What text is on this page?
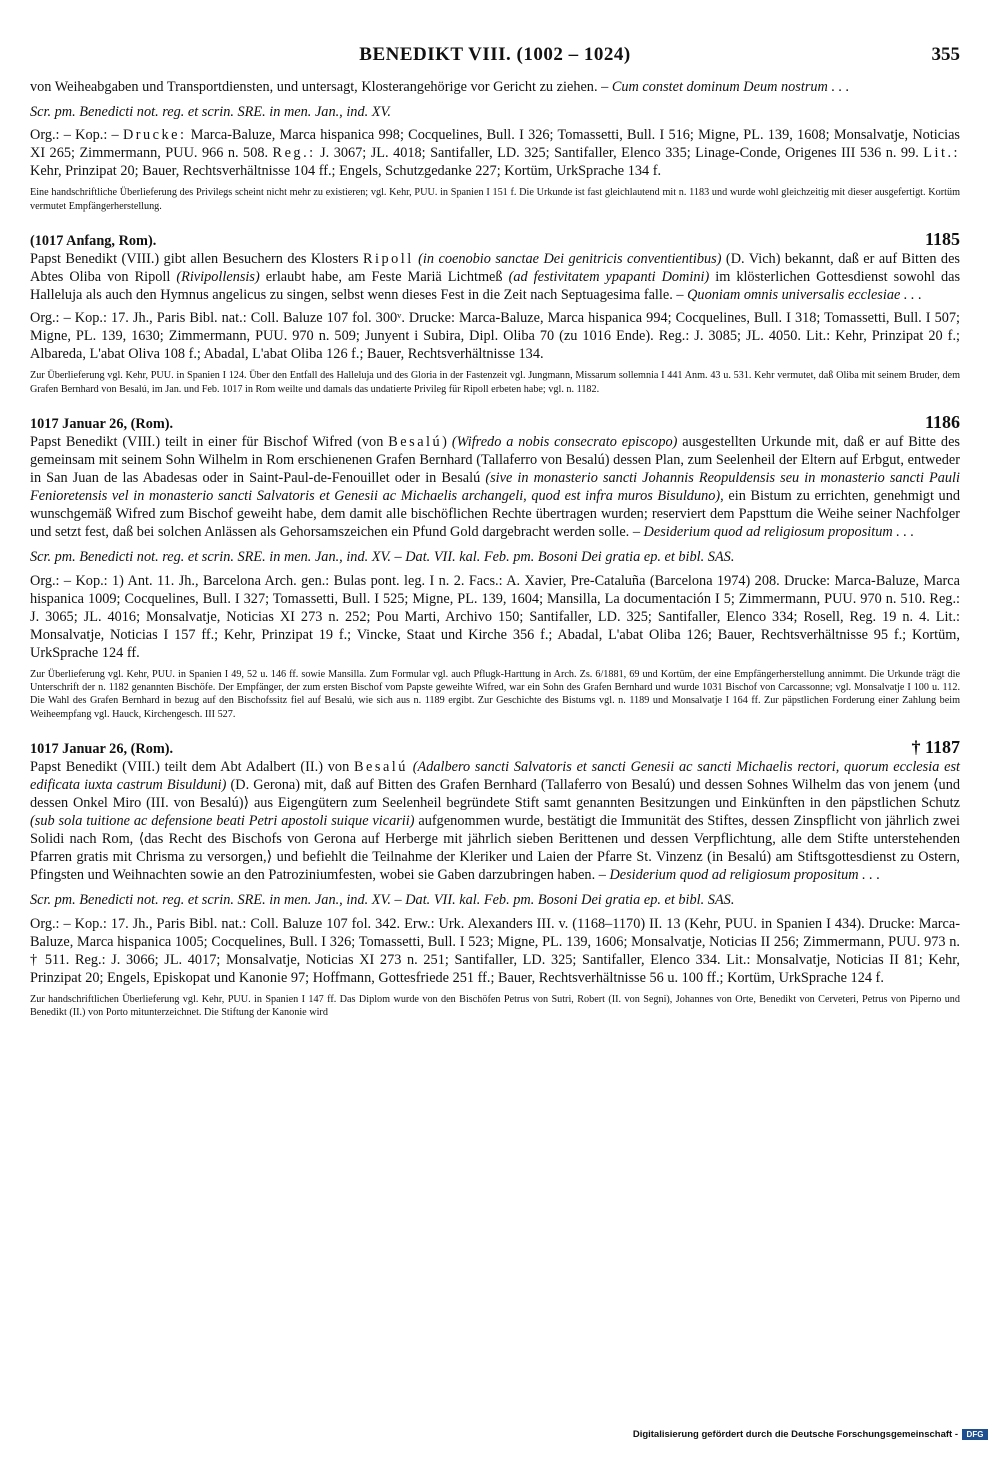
BENEDIKT VIII. (1002 – 1024)	355

von Weiheabgaben und Transportdiensten, und untersagt, Klosterangehörige vor Gericht zu ziehen. – Cum constet dominum Deum nostrum . . .

Scr. pm. Benedicti not. reg. et scrin. SRE. in men. Jan., ind. XV.

Org.: – Kop.: – Drucke: Marca-Baluze, Marca hispanica 998; Cocquelines, Bull. I 326; Tomassetti, Bull. I 516; Migne, PL. 139, 1608; Monsalvatje, Noticias XI 265; Zimmermann, PUU. 966 n. 508. Reg.: J. 3067; JL. 4018; Santifaller, LD. 325; Santifaller, Elenco 335; Linage-Conde, Origenes III 536 n. 99. Lit.: Kehr, Prinzipat 20; Bauer, Rechtsverhältnisse 104 ff.; Engels, Schutzgedanke 227; Kortüm, UrkSprache 134 f.

Eine handschriftliche Überlieferung des Privilegs scheint nicht mehr zu existieren; vgl. Kehr, PUU. in Spanien I 151 f. Die Urkunde ist fast gleichlautend mit n. 1183 und wurde wohl gleichzeitig mit dieser ausgefertigt. Kortüm vermutet Empfängerherstellung.

(1017 Anfang, Rom).	1185

Papst Benedikt (VIII.) gibt allen Besuchern des Klosters Ripoll (in coenobio sanctae Dei genitricis conventientibus) (D. Vich) bekannt, daß er auf Bitten des Abtes Oliba von Ripoll (Rivipollensis) erlaubt habe, am Feste Mariä Lichtmeß (ad festivitatem ypapanti Domini) im klösterlichen Gottesdienst sowohl das Halleluja als auch den Hymnus angelicus zu singen, selbst wenn dieses Fest in die Zeit nach Septuagesima falle. – Quoniam omnis universalis ecclesiae . . .

Org.: – Kop.: 17. Jh., Paris Bibl. nat.: Coll. Baluze 107 fol. 300ᵛ. Drucke: Marca-Baluze, Marca hispanica 994; Cocquelines, Bull. I 318; Tomassetti, Bull. I 507; Migne, PL. 139, 1630; Zimmermann, PUU. 970 n. 509; Junyent i Subira, Dipl. Oliba 70 (zu 1016 Ende). Reg.: J. 3085; JL. 4050. Lit.: Kehr, Prinzipat 20 f.; Albareda, L'abat Oliva 108 f.; Abadal, L'abat Oliba 126 f.; Bauer, Rechtsverhältnisse 134.

Zur Überlieferung vgl. Kehr, PUU. in Spanien I 124. Über den Entfall des Halleluja und des Gloria in der Fastenzeit vgl. Jungmann, Missarum sollemnia I 441 Anm. 43 u. 531. Kehr vermutet, daß Oliba mit seinem Bruder, dem Grafen Bernhard von Besalú, im Jan. und Feb. 1017 in Rom weilte und damals das undatierte Privileg für Ripoll erbeten habe; vgl. n. 1182.

1017 Januar 26, (Rom).	1186

Papst Benedikt (VIII.) teilt in einer für Bischof Wifred (von Besalú) (Wifredo a nobis consecrato episcopo) ausgestellten Urkunde mit, daß er auf Bitte des gemeinsam mit seinem Sohn Wilhelm in Rom erschienenen Grafen Bernhard (Tallaferro von Besalú) dessen Plan, zum Seelenheil der Eltern auf Erbgut, entweder in San Juan de las Abadesas oder in Saint-Paul-de-Fenouillet oder in Besalú (sive in monasterio sancti Johannis Reopuldensis seu in monasterio sancti Pauli Fenioretensis vel in monasterio sancti Salvatoris et Genesii ac Michaelis archangeli, quod est infra muros Bisulduno), ein Bistum zu errichten, genehmigt und wunschgemäß Wifred zum Bischof geweiht habe, dem damit alle bischöflichen Rechte übertragen wurden; reserviert dem Papsttum die Weihe seiner Nachfolger und setzt fest, daß bei solchen Anlässen als Gehorsamszeichen ein Pfund Gold dargebracht werden solle. – Desiderium quod ad religiosum propositum . . .

Scr. pm. Benedicti not. reg. et scrin. SRE. in men. Jan., ind. XV. – Dat. VII. kal. Feb. pm. Bosoni Dei gratia ep. et bibl. SAS.

Org.: – Kop.: 1) Ant. 11. Jh., Barcelona Arch. gen.: Bulas pont. leg. I n. 2. Facs.: A. Xavier, Pre-Cataluña (Barcelona 1974) 208. Drucke: Marca-Baluze, Marca hispanica 1009; Cocquelines, Bull. I 327; Tomassetti, Bull. I 525; Migne, PL. 139, 1604; Mansilla, La documentación I 5; Zimmermann, PUU. 970 n. 510. Reg.: J. 3065; JL. 4016; Monsalvatje, Noticias XI 273 n. 252; Pou Marti, Archivo 150; Santifaller, LD. 325; Santifaller, Elenco 334; Rosell, Reg. 19 n. 4. Lit.: Monsalvatje, Noticias I 157 ff.; Kehr, Prinzipat 19 f.; Vincke, Staat und Kirche 356 f.; Abadal, L'abat Oliba 126; Bauer, Rechtsverhältnisse 95 f.; Kortüm, UrkSprache 124 ff.

Zur Überlieferung vgl. Kehr, PUU. in Spanien I 49, 52 u. 146 ff. sowie Mansilla. Zum Formular vgl. auch Pflugk-Harttung in Arch. Zs. 6/1881, 69 und Kortüm, der eine Empfängerherstellung annimmt. Die Urkunde trägt die Unterschrift der n. 1182 genannten Bischöfe. Der Empfänger, der zum ersten Bischof vom Papste geweihte Wifred, war ein Sohn des Grafen Bernhard und wurde 1031 Bischof von Carcassonne; vgl. Monsalvatje I 100 u. 112. Die Wahl des Grafen Bernhard in bezug auf den Bischofssitz fiel auf Besalú, wie sich aus n. 1189 ergibt. Zur Geschichte des Bistums vgl. n. 1189 und Monsalvatje I 164 ff. Zur päpstlichen Forderung einer Zahlung beim Weiheempfang vgl. Hauck, Kirchengesch. III 527.

1017 Januar 26, (Rom).	† 1187

Papst Benedikt (VIII.) teilt dem Abt Adalbert (II.) von Besalú (Adalbero sancti Salvatoris et sancti Genesii ac sancti Michaelis rectori, quorum ecclesia est edificata iuxta castrum Bisulduni) (D. Gerona) mit, daß auf Bitten des Grafen Bernhard (Tallaferro von Besalú) und dessen Sohnes Wilhelm das von jenem ⟨und dessen Onkel Miro (III. von Besalú)⟩ aus Eigengütern zum Seelenheil begründete Stift samt genannten Besitzungen und Einkünften in den päpstlichen Schutz (sub sola tuitione ac defensione beati Petri apostoli suique vicarii) aufgenommen wurde, bestätigt die Immunität des Stiftes, dessen Zinspflicht von jährlich zwei Solidi nach Rom, ⟨das Recht des Bischofs von Gerona auf Herberge mit jährlich sieben Berittenen und dessen Verpflichtung, alle dem Stifte unterstehenden Pfarren gratis mit Chrisma zu versorgen,⟩ und befiehlt die Teilnahme der Kleriker und Laien der Pfarre St. Vinzenz (in Besalú) am Stiftsgottesdienst zu Ostern, Pfingsten und Weihnachten sowie an den Patroziniumfesten, wobei sie Gaben darzubringen haben. – Desiderium quod ad religiosum propositum . . .

Scr. pm. Benedicti not. reg. et scrin. SRE. in men. Jan., ind. XV. – Dat. VII. kal. Feb. pm. Bosoni Dei gratia ep. et bibl. SAS.

Org.: – Kop.: 17. Jh., Paris Bibl. nat.: Coll. Baluze 107 fol. 342. Erw.: Urk. Alexanders III. v. (1168–1170) II. 13 (Kehr, PUU. in Spanien I 434). Drucke: Marca-Baluze, Marca hispanica 1005; Cocquelines, Bull. I 326; Tomassetti, Bull. I 523; Migne, PL. 139, 1606; Monsalvatje, Noticias II 256; Zimmermann, PUU. 973 n. † 511. Reg.: J. 3066; JL. 4017; Monsalvatje, Noticias XI 273 n. 251; Santifaller, LD. 325; Santifaller, Elenco 334. Lit.: Monsalvatje, Noticias II 81; Kehr, Prinzipat 20; Engels, Episkopat und Kanonie 97; Hoffmann, Gottesfriede 251 ff.; Bauer, Rechtsverhältnisse 56 u. 100 ff.; Kortüm, UrkSprache 124 f.

Zur handschriftlichen Überlieferung vgl. Kehr, PUU. in Spanien I 147 ff. Das Diplom wurde von den Bischöfen Petrus von Sutri, Robert (II. von Segni), Johannes von Orte, Benedikt von Cerveteri, Petrus von Piperno und Benedikt (II.) von Porto mitunterzeichnet. Die Stiftung der Kanonie wird

Digitalisierung gefördert durch die Deutsche Forschungsgemeinschaft -	DFG
